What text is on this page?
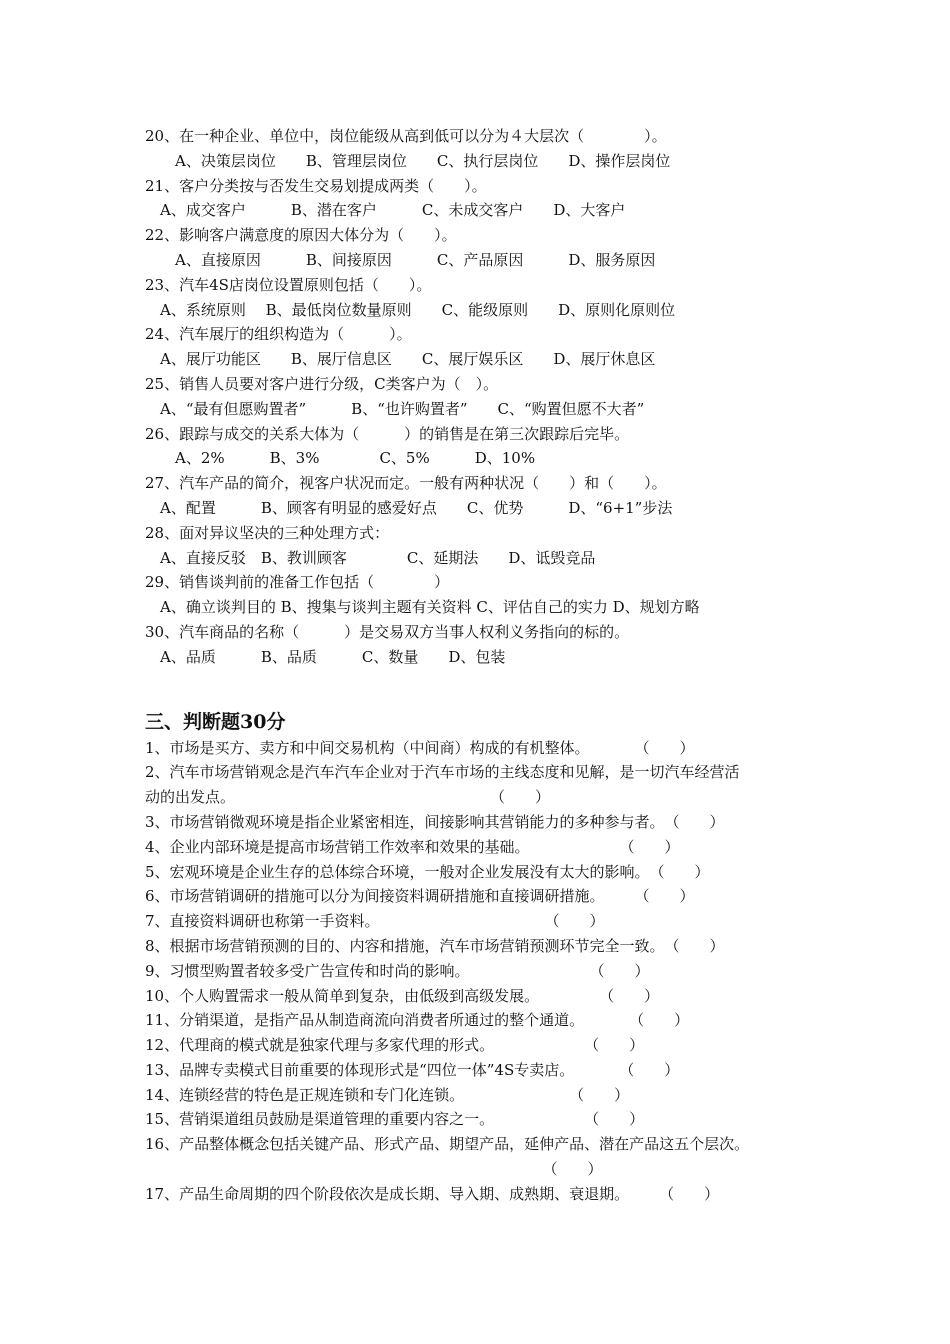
20、在一种企业、单位中，岗位能级从高到低可以分为４大层次（　　　　）。
　　A、决策层岗位　　B、管理层岗位　　C、执行层岗位　　D、操作层岗位
21、客户分类按与否发生交易划提成两类（　　）。
　A、成交客户　　　B、潜在客户　　　C、未成交客户　　D、大客户
22、影响客户满意度的原因大体分为（　　）。
　　A、直接原因　　　B、间接原因　　　C、产品原因　　　D、服务原因
23、汽车4S店岗位设置原则包括（　　）。
　A、系统原则　 B、最低岗位数量原则　　C、能级原则　　D、原则化原则位
24、汽车展厅的组织构造为（　　　）。
　A、展厅功能区　　B、展厅信息区　　C、展厅娱乐区　　D、展厅休息区
25、销售人员要对客户进行分级，C类客户为（　）。
　A、“最有但愿购置者”　　　B、“也许购置者”　　C、“购置但愿不大者”
26、跟踪与成交的关系大体为（　　　）的销售是在第三次跟踪后完毕。
　　A、2%　　　B、3%　　　　C、5%　　　D、10%
27、汽车产品的简介，视客户状况而定。一般有两种状况（　　）和（　　）。
　A、配置　　　B、顾客有明显的感爱好点　　C、优势　　　D、“6+1”步法
28、面对异议坚决的三种处理方式：
　A、直接反驳　B、教训顾客　　　　C、延期法　　D、诋毁竞品
29、销售谈判前的准备工作包括（　　　　）
　A、确立谈判目的 B、搜集与谈判主题有关资料 C、评估自己的实力 D、规划方略
30、汽车商品的名称（　　　）是交易双方当事人权利义务指向的标的。
　A、品质　　　B、品质　　　C、数量　　D、包装
三、判断题30分
1、市场是买方、卖方和中间交易机构（中间商）构成的有机整体。　　　　（　　）
2、汽车市场营销观念是汽车汽车企业对于汽车市场的主线态度和见解，是一切汽车经营活
动的出发点。　　　　　　　　　　　　　　　　　　（　　）
3、市场营销微观环境是指企业紧密相连，间接影响其营销能力的多种参与者。　（　　）
4、企业内部环境是提高市场营销工作效率和效果的基础。　　　　　　　（　　）
5、宏观环境是企业生存的总体综合环境，一般对企业发展没有太大的影响。　（　　）
6、市场营销调研的措施可以分为间接资料调研措施和直接调研措施。　　　（　　）
7、直接资料调研也称第一手资料。　　　　　　　　　　　　（　　）
8、根据市场营销预测的目的、内容和措施，汽车市场营销预测环节完全一致。　（　　）
9、习惯型购置者较多受广告宣传和时尚的影响。　　　　　　　　　（　　）
10、个人购置需求一般从简单到复杂，由低级到高级发展。　　　　　（　　）
11、分销渠道，是指产品从制造商流向消费者所通过的整个通道。　　　　（　　）
12、代理商的模式就是独家代理与多家代理的形式。　　　　　　　（　　）
13、品牌专卖模式目前重要的体现形式是“四位一体”4S专卖店。　　　　（　　）
14、连锁经营的特色是正规连锁和专门化连锁。　　　　　　　　（　　）
15、营销渠道组员鼓励是渠道管理的重要内容之一。　　　　　　　（　　）
16、产品整体概念包括关键产品、形式产品、期望产品，延伸产品、潜在产品这五个层次。
　　　　　　　　　　　　　　　　　　　　　　　　　　　（　　）
17、产品生命周期的四个阶段依次是成长期、导入期、成熟期、衰退期。　　　（　　）
